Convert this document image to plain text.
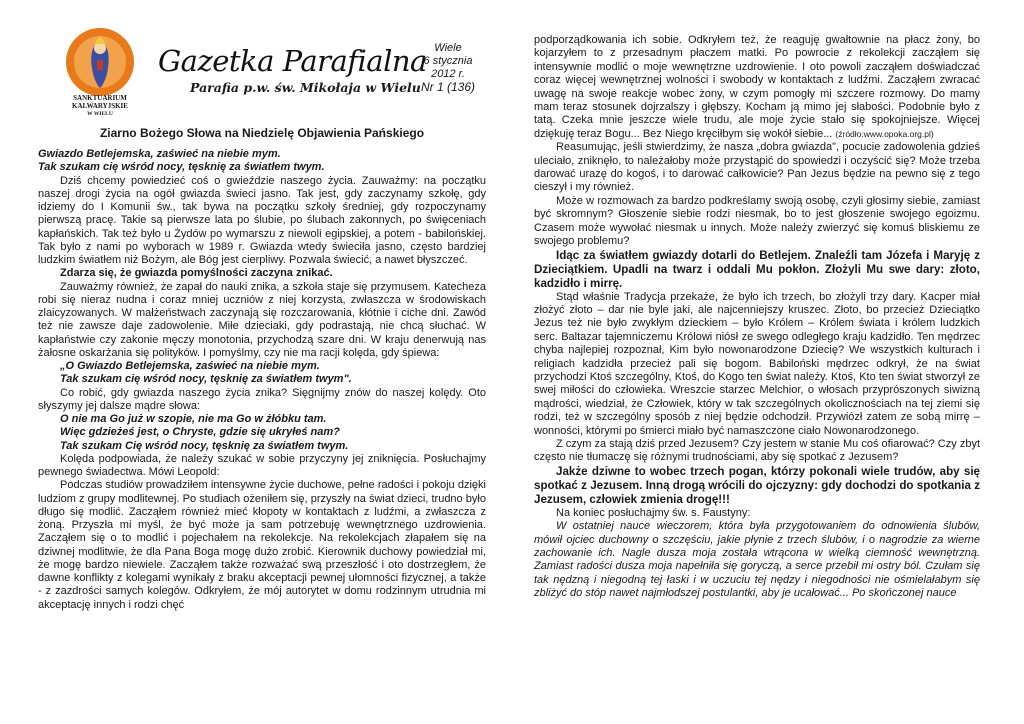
SANKTUARIUM
KALWARYJSKIE
W WIELU
Gazetka Parafialna
Parafia p.w. św. Mikołaja w Wielu
Wiele
6 stycznia
2012 r.
Nr 1 (136)
Ziarno Bożego Słowa na Niedzielę Objawienia Pańskiego

Gwiazdo Betlejemska, zaświeć na niebie mym.

Tak szukam cię wśród nocy, tęsknię za światłem twym.

Dziś chcemy powiedzieć coś o gwieździe naszego życia. Zauważmy: na początku naszej drogi życia na ogół gwiazda świeci jasno. Tak jest, gdy zaczynamy szkołę, gdy idziemy do I Komunii św., tak bywa na początku szkoły średniej, gdy rozpoczynamy pierwszą pracę. Takie są pierwsze lata po ślubie, po ślubach zakonnych, po święceniach kapłańskich. Tak też było u Żydów po wymarszu z niewoli egipskiej, a potem - babilońskiej. Tak było z nami po wyborach w 1989 r. Gwiazda wtedy świeciła jasno, często bardziej ludzkim światłem niż Bożym, ale Bóg jest cierpliwy. Pozwala świecić, a nawet błyszczeć.

Zdarza się, że gwiazda pomyślności zaczyna znikać.

Zauważmy również, że zapał do nauki znika, a szkoła staje się przymusem. Katecheza robi się nieraz nudna i coraz mniej uczniów z niej korzysta, zwłaszcza w środowiskach zlaicyzowanych. W małżeństwach zaczynają się rozczarowania, kłótnie i ciche dni. Zawód też nie zawsze daje zadowolenie. Miłe dzieciaki, gdy podrastają, nie chcą słuchać. W kapłaństwie czy zakonie męczy monotonia, przychodzą szare dni. W kraju denerwują nas żałosne oskarżania się polityków. I pomyślmy, czy nie ma racji kolęda, gdy śpiewa:

„O Gwiazdo Betlejemska, zaświeć na niebie mym.

Tak szukam cię wśród nocy, tęsknię za światłem twym".

Co robić, gdy gwiazda naszego życia znika? Sięgnijmy znów do naszej kolędy. Oto słyszymy jej dalsze mądre słowa:

O nie ma Go już w szopie, nie ma Go w żłóbku tam.

Więc gdzieżeś jest, o Chryste, gdzie się ukryłeś nam?

Tak szukam Cię wśród nocy, tęsknię za światłem twym.

Kolęda podpowiada, że należy szukać w sobie przyczyny jej zniknięcia. Posłuchajmy pewnego świadectwa. Mówi Leopold:

Podczas studiów prowadziłem intensywne życie duchowe, pełne radości i pokoju dzięki ludziom z grupy modlitewnej. Po studiach ożeniłem się, przyszły na świat dzieci, trudno było długo się modlić. Zacząłem również mieć kłopoty w kontaktach z ludźmi, a zwłaszcza z żoną. Przyszła mi myśl, że być może ja sam potrzebuję wewnętrznego uzdrowienia. Zacząłem się o to modlić i pojechałem na rekolekcje. Na rekolekcjach złapałem się na dziwnej modlitwie, że dla Pana Boga mogę dużo zrobić. Kierownik duchowy powiedział mi, że mogę bardzo niewiele. Zacząłem także rozważać swą przeszłość i oto dostrzegłem, że dawne konflikty z kolegami wynikały z braku akceptacji pewnej ułomności fizycznej, a także - z zazdrości samych kolegów. Odkryłem, że mój autorytet w domu rodzinnym utrudnia mi akceptację innych i rodzi chęć

podporządkowania ich sobie. Odkryłem też, że reaguję gwałtownie na płacz żony, bo kojarzyłem to z przesadnym płaczem matki. Po powrocie z rekolekcji zacząłem się intensywnie modlić o moje wewnętrzne uzdrowienie. I oto powoli zacząłem doświadczać coraz więcej wewnętrznej wolności i swobody w kontaktach z ludźmi. Zacząłem zwracać uwagę na swoje reakcje wobec żony, w czym pomogły mi szczere rozmowy. Do mamy mam teraz stosunek dojrzalszy i głębszy. Kocham ją mimo jej słabości. Podobnie było z tatą. Czeka mnie jeszcze wiele trudu, ale moje życie stało się spokojniejsze. Więcej dziękuję teraz Bogu... Bez Niego kręciłbym się wokół siebie... (źródło:www.opoka.org.pl)

Reasumując, jeśli stwierdzimy, że nasza „dobra gwiazda", pocucie zadowolenia gdzieś uleciało, zniknęło, to należałoby może przystąpić do spowiedzi i oczyścić się? Może trzeba darować urazę do kogoś, i to darować całkowicie? Pan Jezus będzie na pewno się z tego cieszył i my również.

Może w rozmowach za bardzo podkreślamy swoją osobę, czyli głosimy siebie, zamiast być skromnym? Głoszenie siebie rodzi niesmak, bo to jest głoszenie swojego egoizmu. Czasem może wywołać niesmak u innych. Może należy zwierzyć się komuś bliskiemu ze swojego problemu?

Idąc za światłem gwiazdy dotarli do Betlejem. Znaleźli tam Józefa i Maryję z Dzieciątkiem. Upadli na twarz i oddali Mu pokłon. Złożyli Mu swe dary: złoto, kadzidło i mirrę.

Stąd właśnie Tradycja przekaże, że było ich trzech, bo złożyli trzy dary. Kacper miał złożyć złoto – dar nie byle jaki, ale najcenniejszy kruszec. Złoto, bo przecież Dzieciątko Jezus też nie było zwykłym dzieckiem – było Królem – Królem świata i królem ludzkich serc. Baltazar tajemniczemu Królowi niósł ze swego odległego kraju kadzidło. Ten mędrzec chyba najlepiej rozpoznał, Kim było nowonarodzone Dziecię? We wszystkich kulturach i religiach kadzidła przecież pali się bogom. Babiloński mędrzec odkrył, że na świat przychodzi Ktoś szczególny, Ktoś, do Kogo ten świat należy. Ktoś, Kto ten świat stworzył ze swej miłości do człowieka. Wreszcie starzec Melchior, o włosach przyprószonych siwizną mądrości, wiedział, że Człowiek, który w tak szczególnych okolicznościach na tej ziemi się rodzi, też w szczególny sposób z niej będzie odchodził. Przywiózł zatem ze sobą mirrę – wonności, którymi po śmierci miało być namaszczone ciało Nowonarodzonego.

Z czym za stają dziś przed Jezusem? Czy jestem w stanie Mu coś ofiarować? Czy zbyt często nie tłumaczę się różnymi trudnościami, aby się spotkać z Jezusem?

Jakże dziwne to wobec trzech pogan, którzy pokonali wiele trudów, aby się spotkać z Jezusem. Inną drogą wrócili do ojczyzny: gdy dochodzi do spotkania z Jezusem, człowiek zmienia drogę!!!

Na koniec posłuchajmy św. s. Faustyny:

W ostatniej nauce wieczorem, która była przygotowaniem do odnowienia ślubów, mówił ojciec duchowny o szczęściu, jakie płynie z trzech ślubów, i o nagrodzie za wierne zachowanie ich. Nagle dusza moja została wtrącona w wielką ciemność wewnętrzną. Zamiast radości dusza moja napełniła się goryczą, a serce przebił mi ostry ból. Czułam się tak nędzną i niegodną tej łaski i w uczuciu tej nędzy i niegodności nie ośmielałabym się zbliżyć do stóp nawet najmłodszej postulantki, aby je ucałować... Po skończonej nauce
